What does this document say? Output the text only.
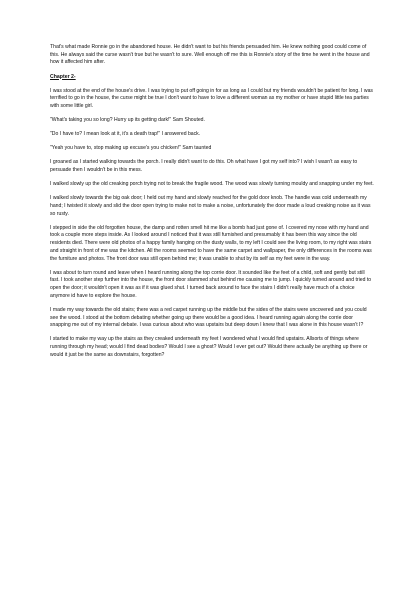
That's what made Ronnie go in the abandoned house. He didn't want to but his friends persuaded him. He knew nothing good could come of this. He always said the curse wasn't true but he wasn't to sure. Well enough off me this is Ronnie's story of the time he went in the house and how it affected him after.

Chapter 2-

I was stood at the end of the house's drive. I was trying to put off going in for as long as I could but my friends wouldn't be patient for long. I was terrified to go in the house, the curse might be true I don't want to have to love a different woman as my mother or have stupid little tea parties with some little girl.

"What's taking you so long? Hurry up its getting dark!" Sam Shouted.

"Do I have to? I mean look at it, it's a death trap!" I answered back.

"Yeah you have to, stop making up excuse's you chicken!" Sam taunted

I groaned as I started walking towards the porch. I really didn't want to do this. Oh what have I got my self into? I wish I wasn't as easy to persuade then I wouldn't be in this mess.

I walked slowly up the old creaking porch trying not to break the fragile wood. The wood was slowly turning mouldy and snapping under my feet.

I walked slowly towards the big oak door; I held out my hand and slowly reached for the gold door knob. The handle was cold underneath my hand; I twisted it slowly and slid the door open trying to make not to make a noise, unfortunately the door made a loud creaking noise as it was so rusty.

I stepped in side the old forgotten house, the damp and rotten smell hit me like a bomb had just gone of. I covered my nose with my hand and took a couple more steps inside. As I looked around I noticed that it was still furnished and presumably it has been this way since the old residents died. There were old photos of a happy family hanging on the dusty walls, to my left I could see the living room, to my right was stairs and straight in front of me was the kitchen. All the rooms seemed to have the same carpet and wallpaper, the only differences in the rooms was the furniture and photos. The front door was still open behind me; it was unable to shut by its self as my feet were in the way.

I was about to turn round and leave when I heard running along the top corrie door. It sounded like the feet of a child, soft and gently but still fast. I took another step further into the house, the front door slammed shut behind me causing me to jump. I quickly turned around and tried to open the door; it wouldn't open it was as if it was glued shut. I turned back around to face the stairs I didn't really have much of a choice anymore id have to explore the house.

I made my way towards the old stairs; there was a red carpet running up the middle but the sides of the stairs were uncovered and you could see the wood. I stood at the bottom debating whether going up there would be a good idea. I heard running again along the corrie door snapping me out of my internal debate. I was curious about who was upstairs but deep down I knew that I was alone in this house wasn't I?

I started to make my way up the stairs as they creaked underneath my feet I wondered what I would find upstairs. Allsorts of things where running through my head; would I find dead bodies? Would I see a ghost? Would I ever get out? Would there actually be anything up there or would it just be the same as downstairs, forgotten?
